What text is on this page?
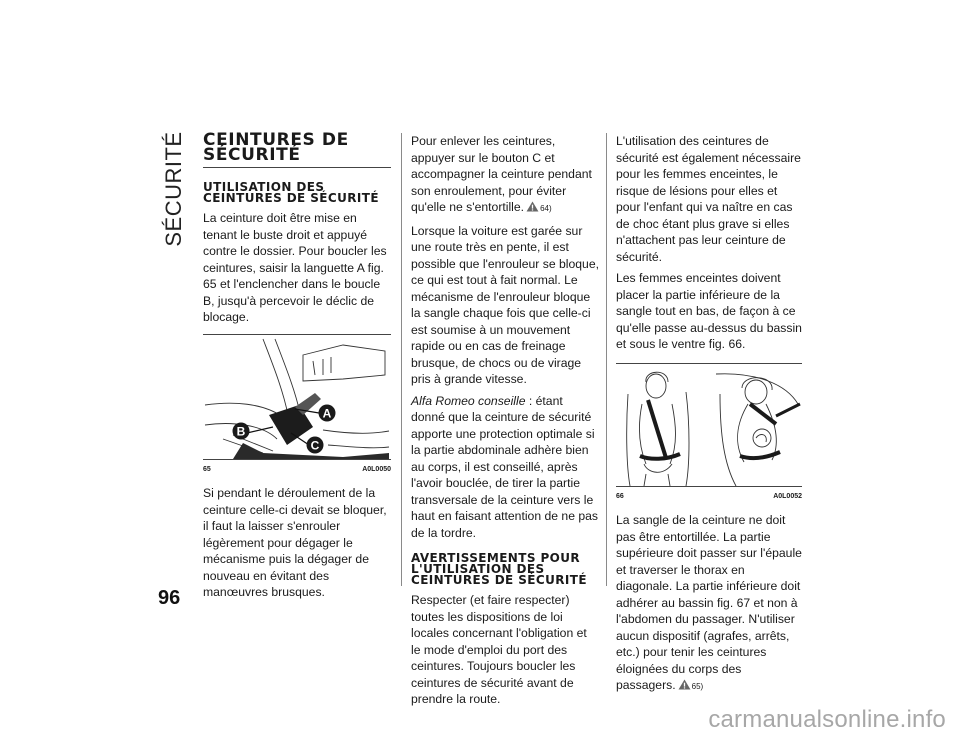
SÉCURITÉ
96
CEINTURES DE SÉCURITÉ
UTILISATION DES CEINTURES DE SÉCURITÉ

La ceinture doit être mise en tenant le buste droit et appuyé contre le dossier. Pour boucler les ceintures, saisir la languette A fig. 65 et l'enclencher dans le boucle B, jusqu'à percevoir le déclic de blocage.

A
B
C
65	A0L0050

Si pendant le déroulement de la ceinture celle-ci devait se bloquer, il faut la laisser s'enrouler légèrement pour dégager le mécanisme puis la dégager de nouveau en évitant des manœuvres brusques.

Pour enlever les ceintures, appuyer sur le bouton C et accompagner la ceinture pendant son enroulement, pour éviter qu'elle ne s'entortille. 64)

Lorsque la voiture est garée sur une route très en pente, il est possible que l'enrouleur se bloque, ce qui est tout à fait normal. Le mécanisme de l'enrouleur bloque la sangle chaque fois que celle-ci est soumise à un mouvement rapide ou en cas de freinage brusque, de chocs ou de virage pris à grande vitesse.

Alfa Romeo conseille : étant donné que la ceinture de sécurité apporte une protection optimale si la partie abdominale adhère bien au corps, il est conseillé, après l'avoir bouclée, de tirer la partie transversale de la ceinture vers le haut en faisant attention de ne pas de la tordre.

AVERTISSEMENTS POUR L'UTILISATION DES CEINTURES DE SÉCURITÉ

Respecter (et faire respecter) toutes les dispositions de loi locales concernant l'obligation et le mode d'emploi du port des ceintures. Toujours boucler les ceintures de sécurité avant de prendre la route.

L'utilisation des ceintures de sécurité est également nécessaire pour les femmes enceintes, le risque de lésions pour elles et pour l'enfant qui va naître en cas de choc étant plus grave si elles n'attachent pas leur ceinture de sécurité.

Les femmes enceintes doivent placer la partie inférieure de la sangle tout en bas, de façon à ce qu'elle passe au-dessus du bassin et sous le ventre fig. 66.

66	A0L0052

La sangle de la ceinture ne doit pas être entortillée. La partie supérieure doit passer sur l'épaule et traverser le thorax en diagonale. La partie inférieure doit adhérer au bassin fig. 67 et non à l'abdomen du passager. N'utiliser aucun dispositif (agrafes, arrêts, etc.) pour tenir les ceintures éloignées du corps des passagers. 65)

carmanualsonline.info
